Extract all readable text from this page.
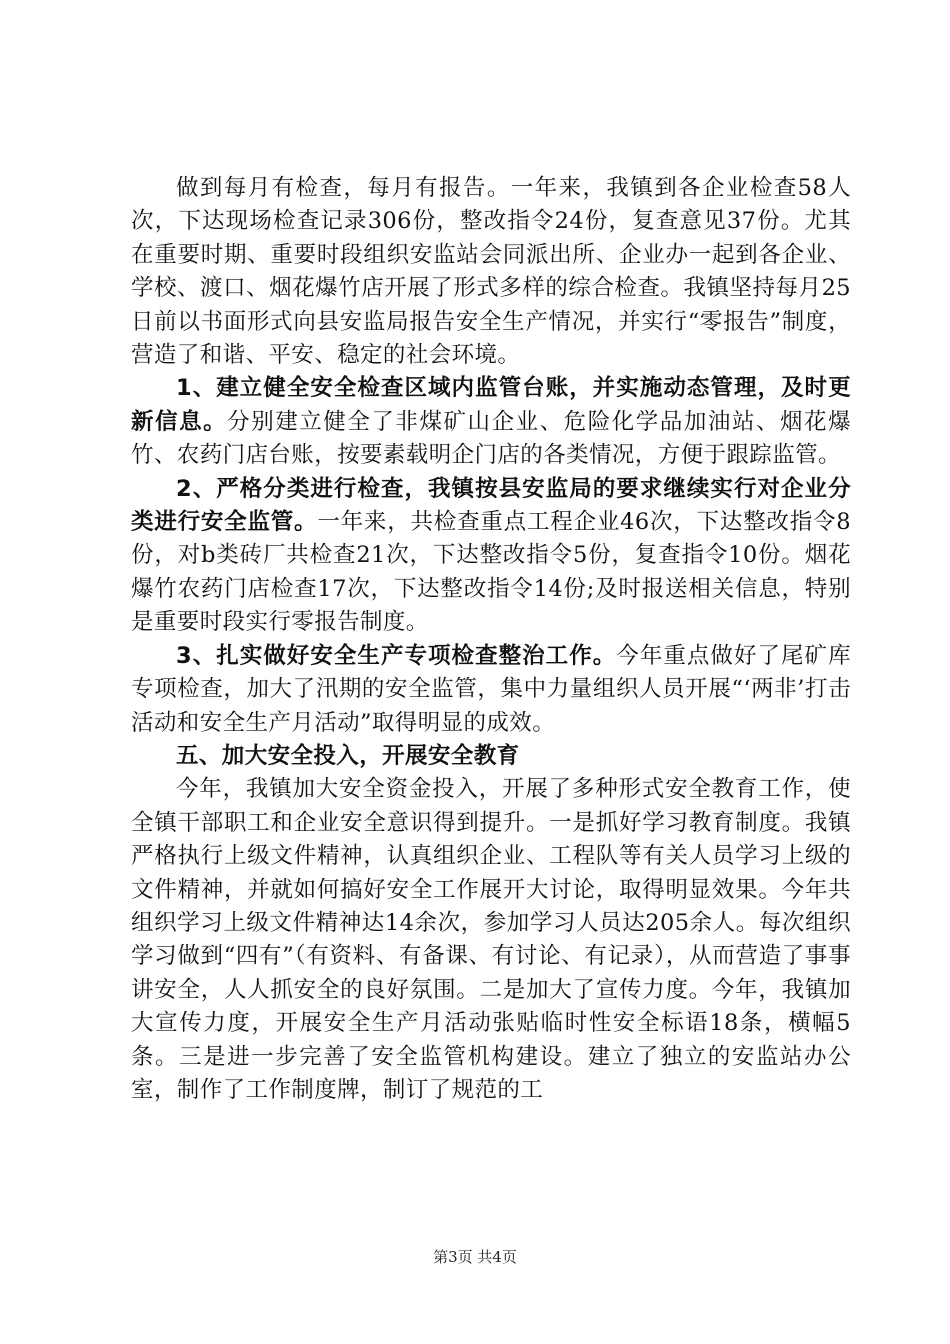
做到每月有检查，每月有报告。一年来，我镇到各企业检查58人次，下达现场检查记录306份，整改指令24份，复查意见37份。尤其在重要时期、重要时段组织安监站会同派出所、企业办一起到各企业、学校、渡口、烟花爆竹店开展了形式多样的综合检查。我镇坚持每月25日前以书面形式向县安监局报告安全生产情况，并实行“零报告”制度，营造了和谐、平安、稳定的社会环境。

1、建立健全安全检查区域内监管台账，并实施动态管理，及时更新信息。分别建立健全了非煤矿山企业、危险化学品加油站、烟花爆竹、农药门店台账，按要素载明企门店的各类情况，方便于跟踪监管。

2、严格分类进行检查，我镇按县安监局的要求继续实行对企业分类进行安全监管。一年来，共检查重点工程企业46次，下达整改指令8份，对b类砖厂共检查21次，下达整改指令5份，复查指令10份。烟花爆竹农药门店检查17次，下达整改指令14份;及时报送相关信息，特别是重要时段实行零报告制度。

3、扎实做好安全生产专项检查整治工作。今年重点做好了尾矿库专项检查，加大了汛期的安全监管，集中力量组织人员开展“‘两非’打击活动和安全生产月活动”取得明显的成效。

五、加大安全投入，开展安全教育

今年，我镇加大安全资金投入，开展了多种形式安全教育工作，使全镇干部职工和企业安全意识得到提升。一是抓好学习教育制度。我镇严格执行上级文件精神，认真组织企业、工程队等有关人员学习上级的文件精神，并就如何搞好安全工作展开大讨论，取得明显效果。今年共组织学习上级文件精神达14余次，参加学习人员达205余人。每次组织学习做到“四有”（有资料、有备课、有讨论、有记录），从而营造了事事讲安全，人人抓安全的良好氛围。二是加大了宣传力度。今年，我镇加大宣传力度，开展安全生产月活动张贴临时性安全标语18条，横幅5条。三是进一步完善了安全监管机构建设。建立了独立的安监站办公室，制作了工作制度牌，制订了规范的工

第3页 共4页
